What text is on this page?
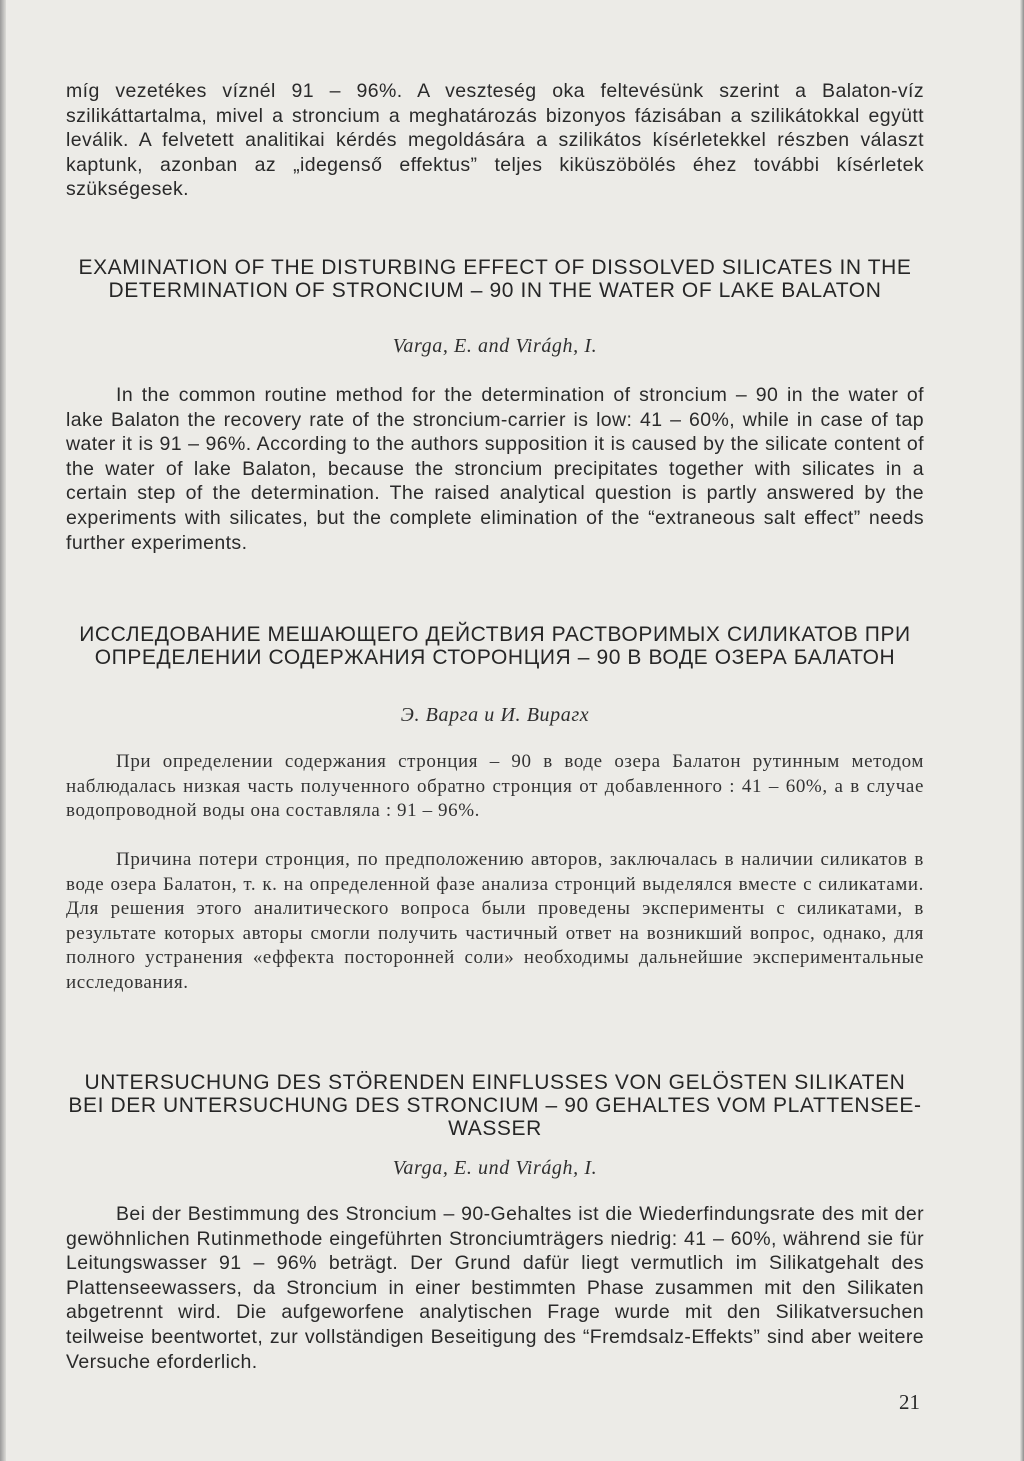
míg vezetékes víznél 91 – 96%. A veszteség oka feltevésünk szerint a Balaton-víz szilikáttartalma, mivel a stroncium a meghatározás bizonyos fázisában a szilikátokkal együtt leválik. A felvetett analitikai kérdés megoldására a szilikátos kísérletekkel részben választ kaptunk, azonban az „idegenső effektus” teljes kiküszöbölés éhez további kísérletek szükségesek.

EXAMINATION OF THE DISTURBING EFFECT OF DISSOLVED SILICATES IN THE DETERMINATION OF STRONCIUM – 90 IN THE WATER OF LAKE BALATON
Varga, E. and Virágh, I.

In the common routine method for the determination of stroncium – 90 in the water of lake Balaton the recovery rate of the stroncium-carrier is low: 41 – 60%, while in case of tap water it is 91 – 96%. According to the authors supposition it is caused by the silicate content of the water of lake Balaton, because the stroncium precipitates together with silicates in a certain step of the determination. The raised analytical question is partly answered by the experiments with silicates, but the complete elimination of the “extraneous salt effect” needs further experiments.

ИССЛЕДОВАНИЕ МЕШАЮЩЕГО ДЕЙСТВИЯ РАСТВОРИМЫХ СИЛИКАТОВ ПРИ ОПРЕДЕЛЕНИИ СОДЕРЖАНИЯ СТОРОНЦИЯ – 90 В ВОДЕ ОЗЕРА БАЛАТОН
Э. Варга и И. Вирагх

При определении содержания стронция – 90 в воде озера Балатон рутинным методом наблюдалась низкая часть полученного обратно стронция от добавленного : 41 – 60%, а в случае водопроводной воды она составляла : 91 – 96%.

Причина потери стронция, по предположению авторов, заключалась в наличии силикатов в воде озера Балатон, т. к. на определенной фазе анализа стронций выделялся вместе с силикатами. Для решения этого аналитического вопроса были проведены эксперименты с силикатами, в результате которых авторы смогли получить частичный ответ на возникший вопрос, однако, для полного устранения «еффекта посторонней соли» необходимы дальнейшие экспериментальные исследования.

UNTERSUCHUNG DES STÖRENDEN EINFLUSSES VON GELÖSTEN SILIKATEN BEI DER UNTERSUCHUNG DES STRONCIUM – 90 GEHALTES VOM PLATTENSEE-WASSER
Varga, E. und Virágh, I.

Bei der Bestimmung des Stroncium – 90-Gehaltes ist die Wiederfindungsrate des mit der gewöhnlichen Rutinmethode eingeführten Stronciumträgers niedrig: 41 – 60%, während sie für Leitungswasser 91 – 96% beträgt. Der Grund dafür liegt vermutlich im Silikatgehalt des Plattenseewassers, da Stroncium in einer bestimmten Phase zusammen mit den Silikaten abgetrennt wird. Die aufgeworfene analytischen Frage wurde mit den Silikatversuchen teilweise beentwortet, zur vollständigen Beseitigung des “Fremdsalz-Effekts” sind aber weitere Versuche eforderlich.

21
